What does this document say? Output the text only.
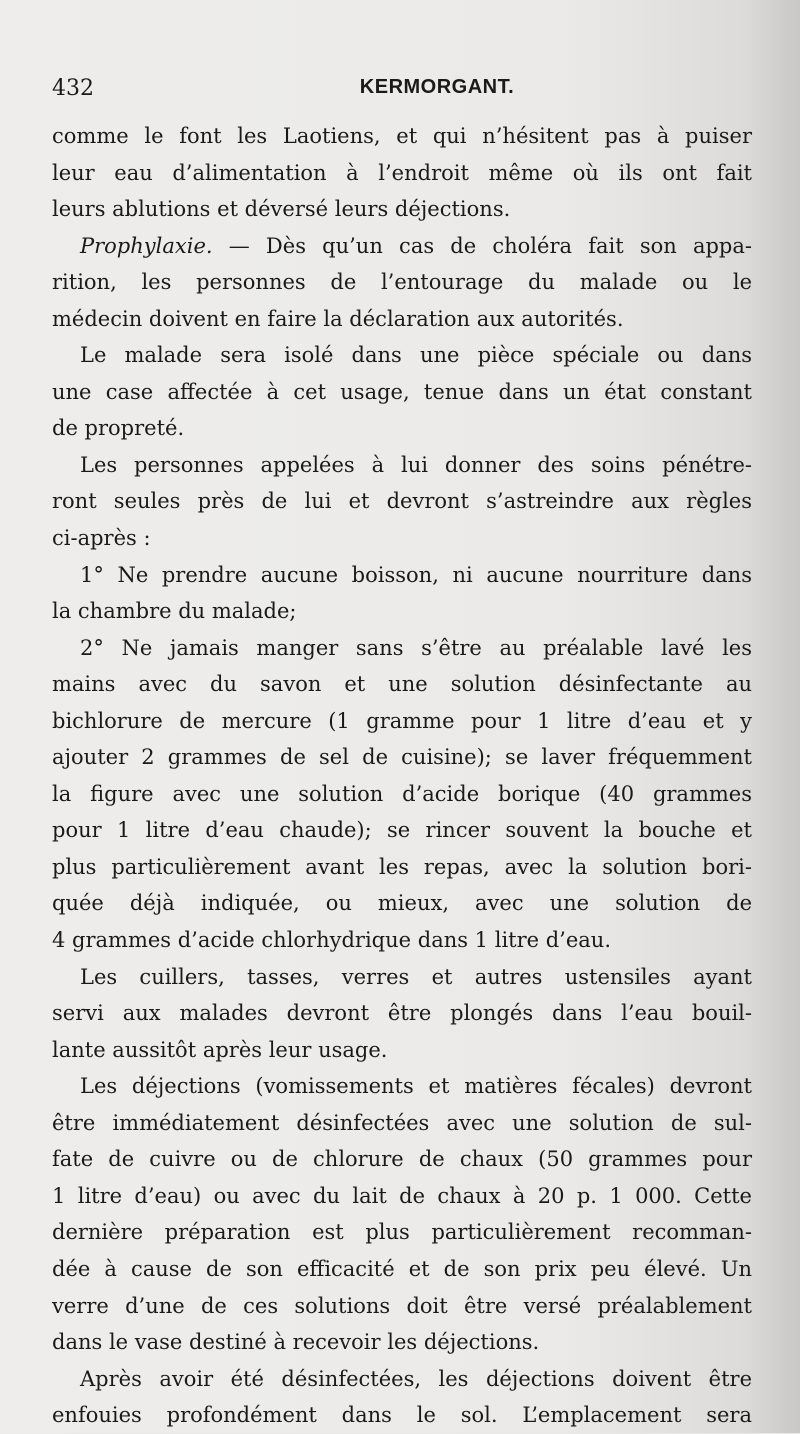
432	KERMORGANT.
comme le font les Laotiens, et qui n’hésitent pas à puiser
leur eau d’alimentation à l’endroit même où ils ont fait
leurs ablutions et déversé leurs déjections.
Prophylaxie. — Dès qu’un cas de choléra fait son appa-
rition, les personnes de l’entourage du malade ou le
médecin doivent en faire la déclaration aux autorités.
Le malade sera isolé dans une pièce spéciale ou dans
une case affectée à cet usage, tenue dans un état constant
de propreté.
Les personnes appelées à lui donner des soins pénétre-
ront seules près de lui et devront s’astreindre aux règles
ci-après :
1° Ne prendre aucune boisson, ni aucune nourriture dans
la chambre du malade;
2° Ne jamais manger sans s’être au préalable lavé les
mains avec du savon et une solution désinfectante au
bichlorure de mercure (1 gramme pour 1 litre d’eau et y
ajouter 2 grammes de sel de cuisine); se laver fréquemment
la figure avec une solution d’acide borique (40 grammes
pour 1 litre d’eau chaude); se rincer souvent la bouche et
plus particulièrement avant les repas, avec la solution bori-
quée déjà indiquée, ou mieux, avec une solution de
4 grammes d’acide chlorhydrique dans 1 litre d’eau.
Les cuillers, tasses, verres et autres ustensiles ayant
servi aux malades devront être plongés dans l’eau bouil-
lante aussitôt après leur usage.
Les déjections (vomissements et matières fécales) devront
être immédiatement désinfectées avec une solution de sul-
fate de cuivre ou de chlorure de chaux (50 grammes pour
1 litre d’eau) ou avec du lait de chaux à 20 p. 1 000. Cette
dernière préparation est plus particulièrement recomman-
dée à cause de son efficacité et de son prix peu élevé. Un
verre d’une de ces solutions doit être versé préalablement
dans le vase destiné à recevoir les déjections.
Après avoir été désinfectées, les déjections doivent être
enfouies profondément dans le sol. L’emplacement sera
